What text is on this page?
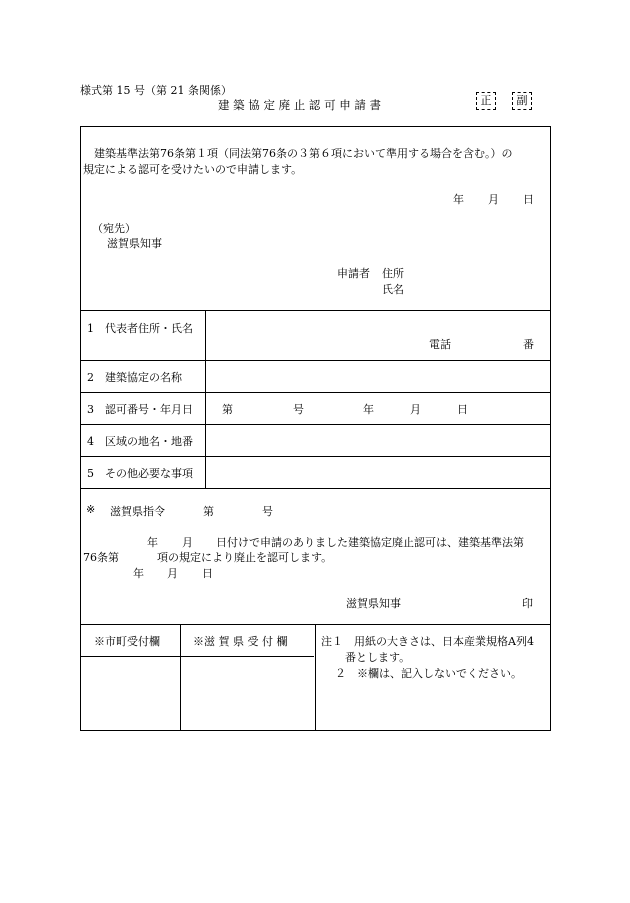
様式第 15 号（第 21 条関係）
建 築 協 定 廃 止 認 可 申 請 書	正	副
建築基準法第76条第１項（同法第76条の３第６項において準用する場合を含む。）の
規定による認可を受けたいので申請します。
年 月 日
（宛先）
滋賀県知事
申請者 住所
氏名
1　代表者住所・氏名
電話	番
2　建築協定の名称
3　認可番号・年月日	第	号	年	月	日
4　区域の地名・地番
5　その他必要な事項
※ 滋賀県指令	第	号
年 月 日付けで申請のありました建築協定廃止認可は、建築基準法第
76条第	項の規定により廃止を認可します。
年 月 日
滋賀県知事	印
※市町受付欄	※滋 賀 県 受 付 欄	注１　用紙の大きさは、日本産業規格A列4
番とします。
２　※欄は、記入しないでください。
